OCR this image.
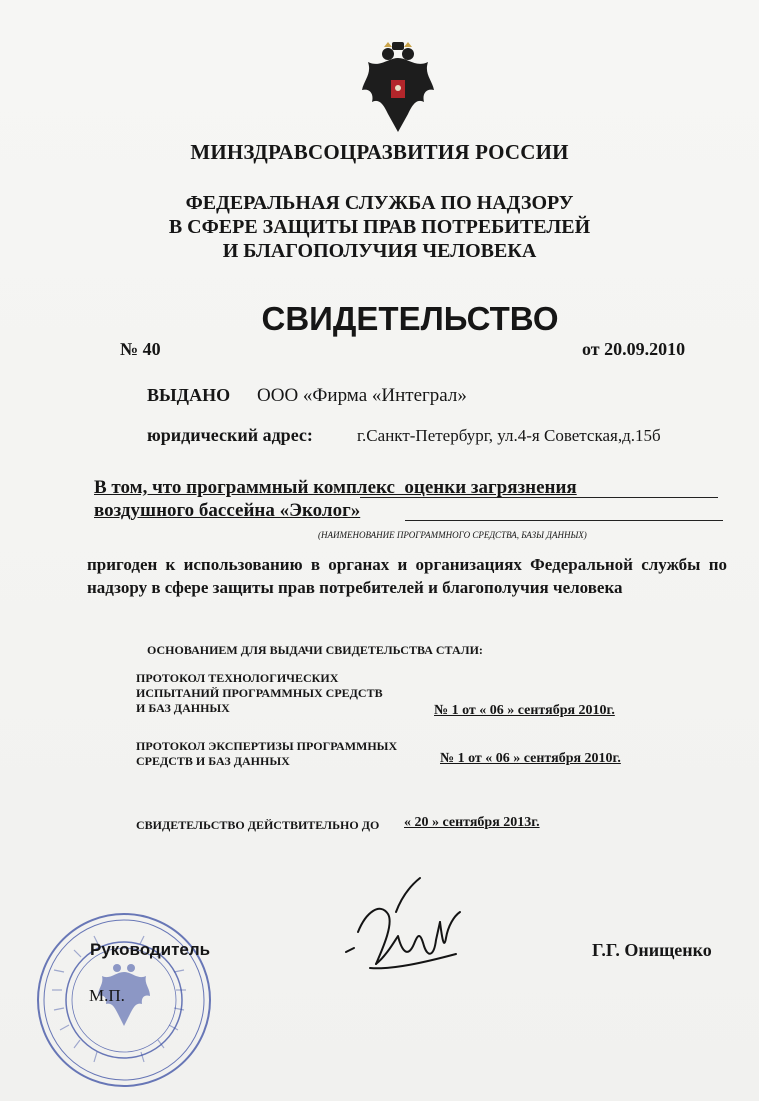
МИНЗДРАВСОЦРАЗВИТИЯ РОССИИ
ФЕДЕРАЛЬНАЯ СЛУЖБА ПО НАДЗОРУ
В СФЕРЕ ЗАЩИТЫ ПРАВ ПОТРЕБИТЕЛЕЙ
И БЛАГОПОЛУЧИЯ ЧЕЛОВЕКА
СВИДЕТЕЛЬСТВО
№ 40	от 20.09.2010
ВЫДАНО ООО «Фирма «Интеграл»
юридический адрес:	г.Санкт-Петербург, ул.4-я Советская,д.15б
В том, что программный комплекс  оценки загрязнения
воздушного бассейна «Эколог»
(НАИМЕНОВАНИЕ ПРОГРАММНОГО СРЕДСТВА, БАЗЫ ДАННЫХ)
пригоден к использованию в органах и организациях Федеральной службы по надзору в сфере защиты прав потребителей и благополучия человека
ОСНОВАНИЕМ ДЛЯ ВЫДАЧИ СВИДЕТЕЛЬСТВА СТАЛИ:
ПРОТОКОЛ ТЕХНОЛОГИЧЕСКИХ
ИСПЫТАНИЙ ПРОГРАММНЫХ СРЕДСТВ
И БАЗ ДАННЫХ	№ 1 от « 06 » сентября 2010г.
ПРОТОКОЛ ЭКСПЕРТИЗЫ ПРОГРАММНЫХ
СРЕДСТВ И БАЗ ДАННЫХ	№ 1 от « 06 » сентября 2010г.
СВИДЕТЕЛЬСТВО ДЕЙСТВИТЕЛЬНО ДО « 20 » сентября 2013г.
Руководитель
М.П.
Г.Г. Онищенко
